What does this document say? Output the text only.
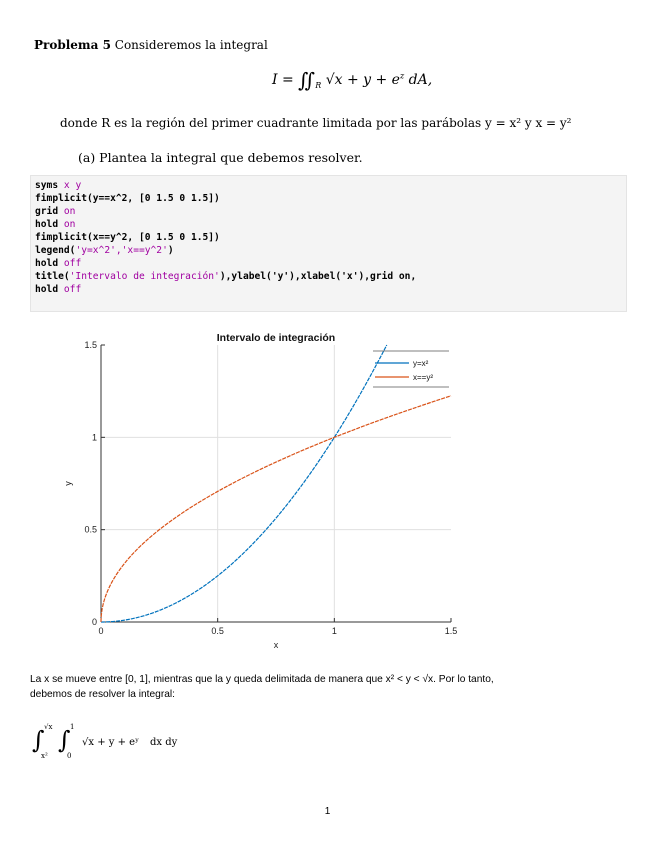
Problema 5 Consideremos la integral
$I = ∬_R$ $√x + y + e^z$ dA,
donde R es la región del primer cuadrante limitada por las parábolas y = x² y x = y²
(a) Plantea la integral que debemos resolver.
syms x y
fimplicit(y==x^2, [0 1.5 0 1.5])
grid on
hold on
fimplicit(x==y^2, [0 1.5 0 1.5])
legend('y=x^2','x==y^2')
hold off
title('Intervalo de integración'),ylabel('y'),xlabel('x'),grid on,
hold off
0	0.5	1	1.5
0
0.5
1
1.5
Intervalo de integración
x
y
y=x²
x==y²
La x se mueve entre [0, 1], mientras que la y queda delimitada de manera que x² < y < √x. Por lo tanto,
debemos de resolver la integral:
∫ √x
x²
∫ 1
0
√x + y + eʸ dx dy
1
